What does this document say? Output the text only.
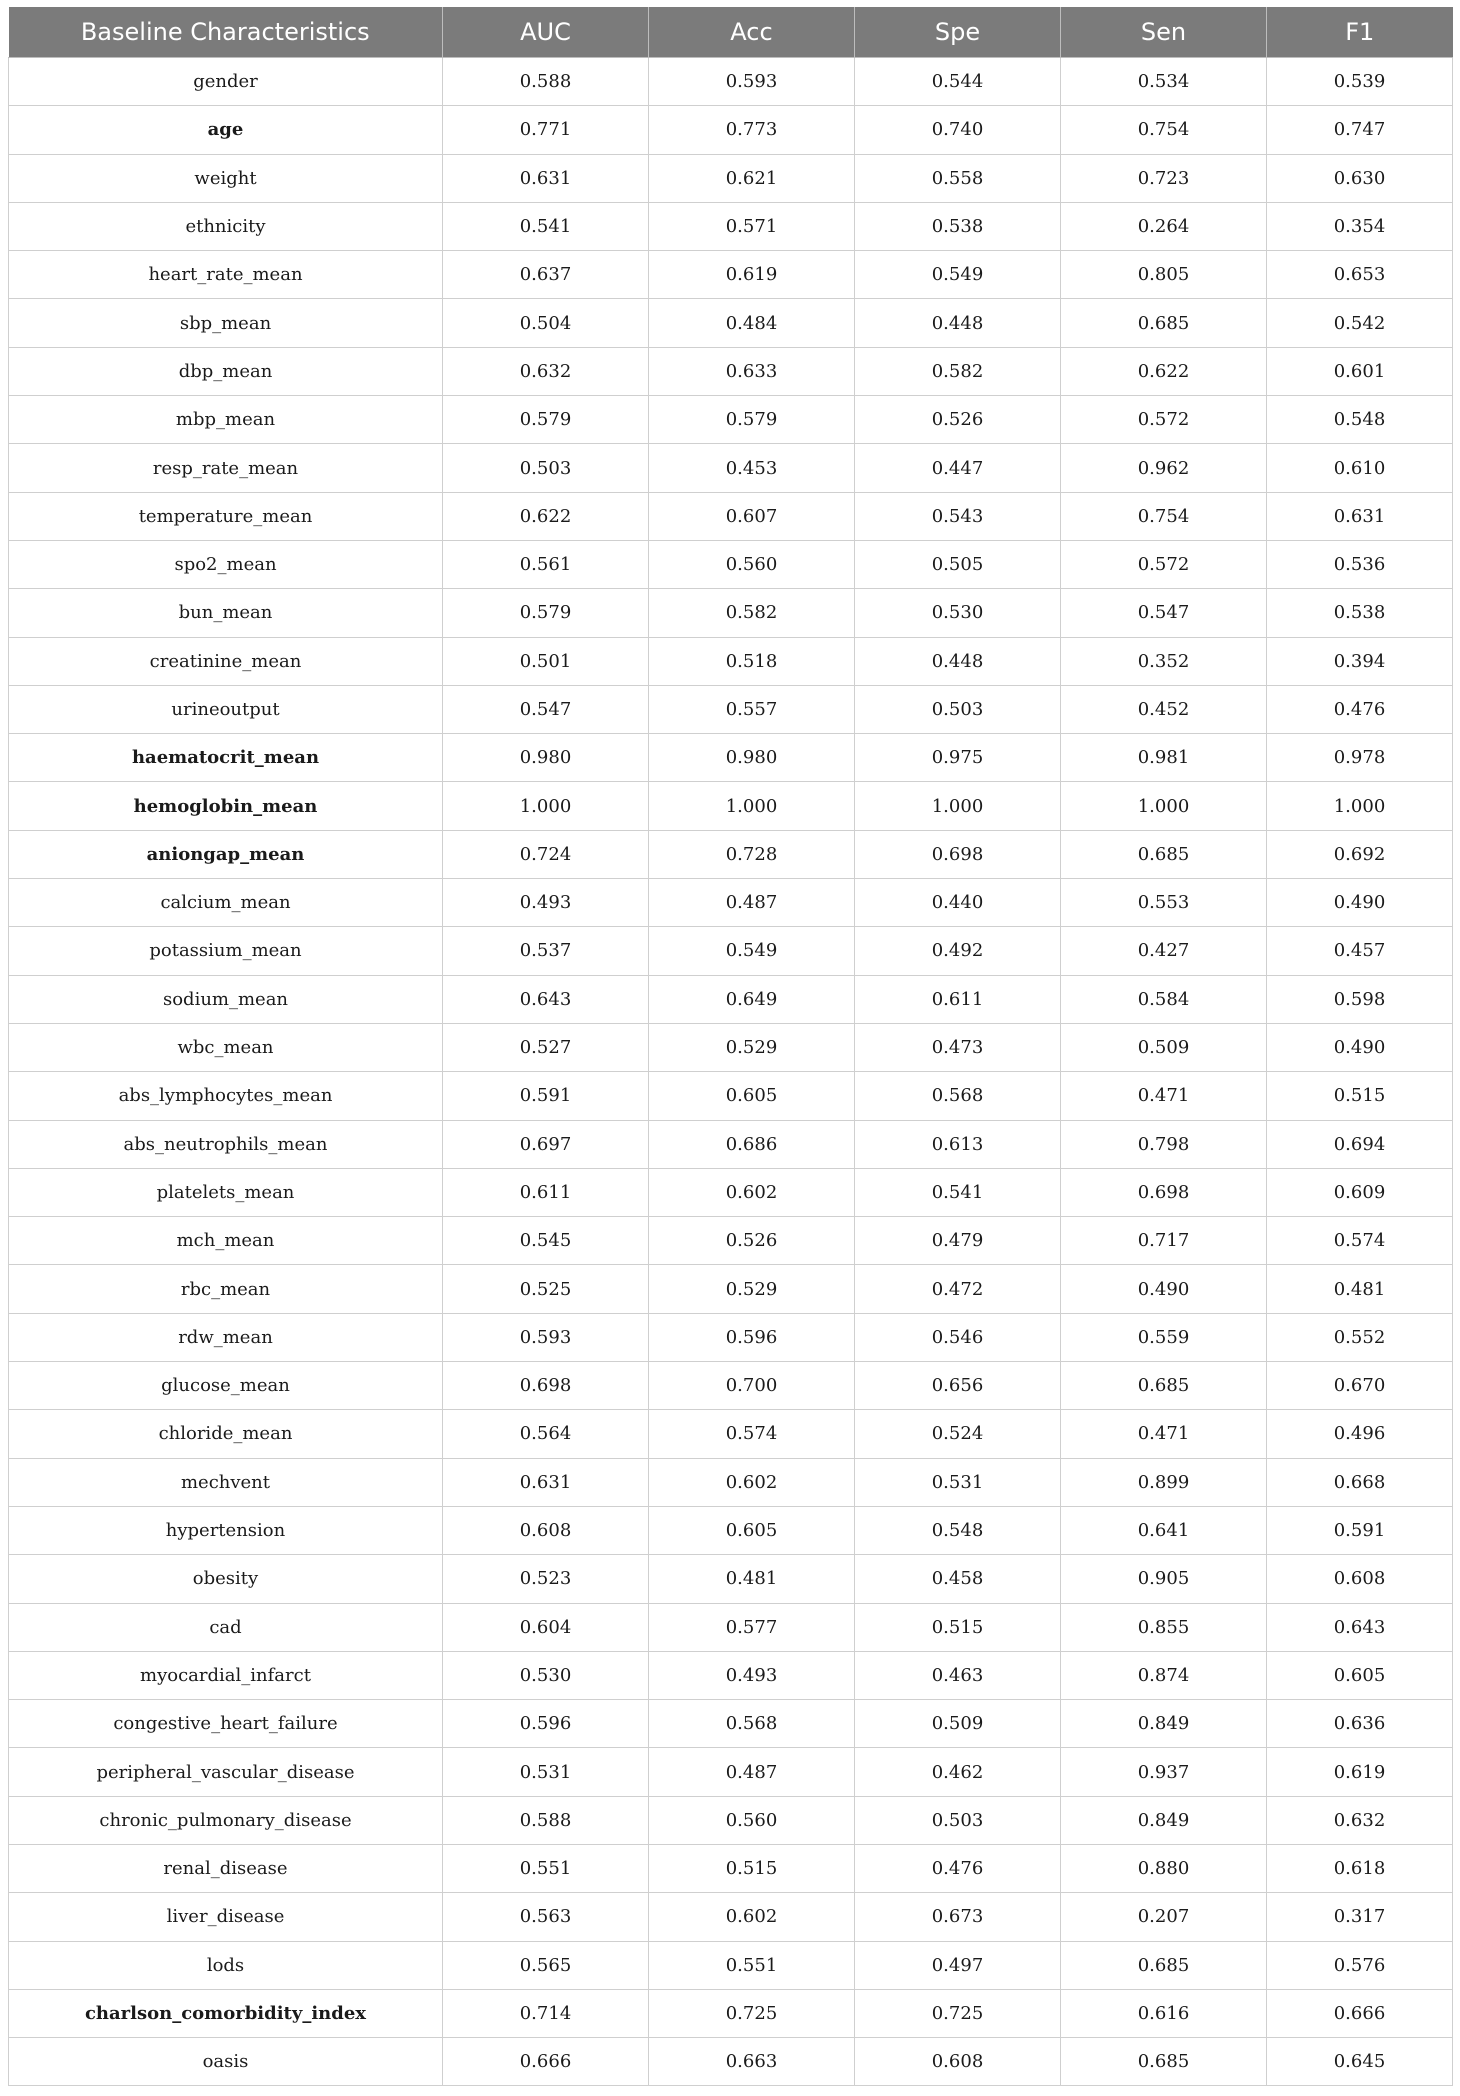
Baseline Characteristics	AUC	Acc	Spe	Sen	F1
gender	0.588	0.593	0.544	0.534	0.539
age	0.771	0.773	0.740	0.754	0.747
weight	0.631	0.621	0.558	0.723	0.630
ethnicity	0.541	0.571	0.538	0.264	0.354
heart_rate_mean	0.637	0.619	0.549	0.805	0.653
sbp_mean	0.504	0.484	0.448	0.685	0.542
dbp_mean	0.632	0.633	0.582	0.622	0.601
mbp_mean	0.579	0.579	0.526	0.572	0.548
resp_rate_mean	0.503	0.453	0.447	0.962	0.610
temperature_mean	0.622	0.607	0.543	0.754	0.631
spo2_mean	0.561	0.560	0.505	0.572	0.536
bun_mean	0.579	0.582	0.530	0.547	0.538
creatinine_mean	0.501	0.518	0.448	0.352	0.394
urineoutput	0.547	0.557	0.503	0.452	0.476
haematocrit_mean	0.980	0.980	0.975	0.981	0.978
hemoglobin_mean	1.000	1.000	1.000	1.000	1.000
aniongap_mean	0.724	0.728	0.698	0.685	0.692
calcium_mean	0.493	0.487	0.440	0.553	0.490
potassium_mean	0.537	0.549	0.492	0.427	0.457
sodium_mean	0.643	0.649	0.611	0.584	0.598
wbc_mean	0.527	0.529	0.473	0.509	0.490
abs_lymphocytes_mean	0.591	0.605	0.568	0.471	0.515
abs_neutrophils_mean	0.697	0.686	0.613	0.798	0.694
platelets_mean	0.611	0.602	0.541	0.698	0.609
mch_mean	0.545	0.526	0.479	0.717	0.574
rbc_mean	0.525	0.529	0.472	0.490	0.481
rdw_mean	0.593	0.596	0.546	0.559	0.552
glucose_mean	0.698	0.700	0.656	0.685	0.670
chloride_mean	0.564	0.574	0.524	0.471	0.496
mechvent	0.631	0.602	0.531	0.899	0.668
hypertension	0.608	0.605	0.548	0.641	0.591
obesity	0.523	0.481	0.458	0.905	0.608
cad	0.604	0.577	0.515	0.855	0.643
myocardial_infarct	0.530	0.493	0.463	0.874	0.605
congestive_heart_failure	0.596	0.568	0.509	0.849	0.636
peripheral_vascular_disease	0.531	0.487	0.462	0.937	0.619
chronic_pulmonary_disease	0.588	0.560	0.503	0.849	0.632
renal_disease	0.551	0.515	0.476	0.880	0.618
liver_disease	0.563	0.602	0.673	0.207	0.317
lods	0.565	0.551	0.497	0.685	0.576
charlson_comorbidity_index	0.714	0.725	0.725	0.616	0.666
oasis	0.666	0.663	0.608	0.685	0.645
